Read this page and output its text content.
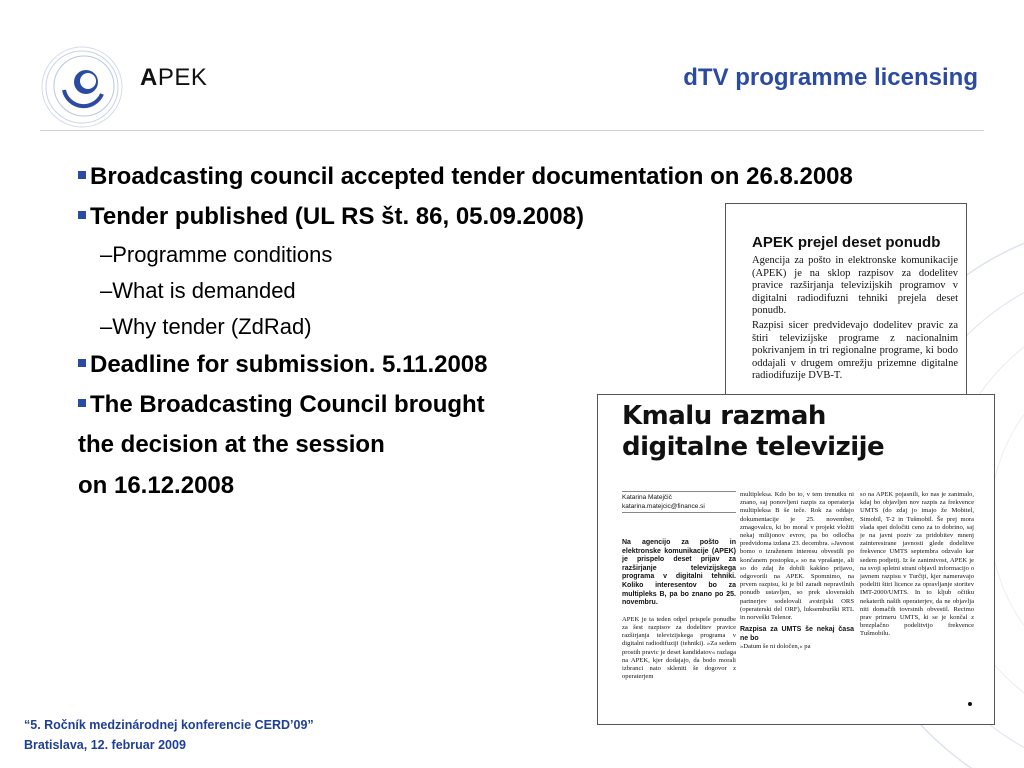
APEK	dTV programme licensing
Broadcasting council accepted tender documentation on 26.8.2008
Tender published (UL RS št. 86, 05.09.2008)
–Programme conditions
–What is demanded
–Why tender (ZdRad)
Deadline for submission. 5.11.2008
The Broadcasting Council brought
the decision at the session
on 16.12.2008
APEK prejel deset ponudb
Agencija za pošto in elektronske komunikacije (APEK) je na sklop razpisov za dodelitev pravice razširjanja televizijskih programov v digitalni radiodifuzni tehniki prejela deset ponudb.
Razpisi sicer predvidevajo dodelitev pravic za štiri televizijske programe z nacionalnim pokrivanjem in tri regionalne programe, ki bodo oddajali v drugem omrežju prizemne digitalne radiodifuzije DVB-T.
Kmalu razmah
digitalne televizije
Katarina Matejčič
katarina.matejcic@finance.si
Na agencijo za pošto in elektronske komunikacije (APEK) je prispelo deset prijav za razširjanje televizijskega programa v digitalni tehniki. Koliko interesentov bo za multipleks B, pa bo znano po 25. novembru.
APEK je ta teden odprl prispele ponudbe za šest razpisov za dodelitev pravice razširjanja televizijskega programa v digitalni radiodifuziji (tehniki). »Za sedem prostih pravic je deset kandidatov« razlaga na APEK, kjer dodajajo, da bodo morali izbranci nato skleniti še dogovor z operaterjem
multipleksa. Kdo bo to, v tem trenutku ni znano, saj ponovljeni razpis za operaterja multipleksa B še teče. Rok za oddajo dokumentacije je 25. november, zmagovalcu, ki bo moral v projekt vložiti nekaj milijonov evrov, pa bo odločba predvidoma izdana 23. decembra. »Javnost bomo o izraženem interesu obvestili po končanem postopku,« so na vprašanje, ali so do zdaj že dobili kakšno prijavo, odgovorili na APEK. Spomnimo, na prvem razpisu, ki je bil zaradi nepravilnih ponudb ustavljen, so prek slovenskih partnerjev sodelovali avstrijski ORS (operaterski del ORF), luksemburški RTL in norveški Telenor.
Razpisa za UMTS še nekaj časa ne bo
»Datum še ni določen,« pa
so na APEK pojasnili, ko nas je zanimalo, kdaj bo objavljen nov razpis za frekvence UMTS (do zdaj jo imajo že Mobitel, Simobil, T-2 in Tušmobil. Še prej mora vlada spet določiti ceno za to dobrino, saj je na javni poziv za pridobitev mnenj zainteresirane javnosti glede dodelitve frekvence UMTS septembra odzvalo kar sedem podjetij. Iz še zanimivost, APEK je na svoji spletni strani objavil informacijo o javnem razpisu v Turčiji, kjer nameravajo podeliti štiri licence za opravljanje storitev IMT-2000/UMTS. In to kljub očitku nekaterih naših operaterjev, da ne objavlja niti domačih tovrstnih obvestil. Recimo prav primeru UMTS, ki se je končal z brezplačno podelitvijo frekvence Tušmobilu.
“5. Ročník medzinárodnej konferencie CERD’09”
Bratislava, 12. februar 2009
